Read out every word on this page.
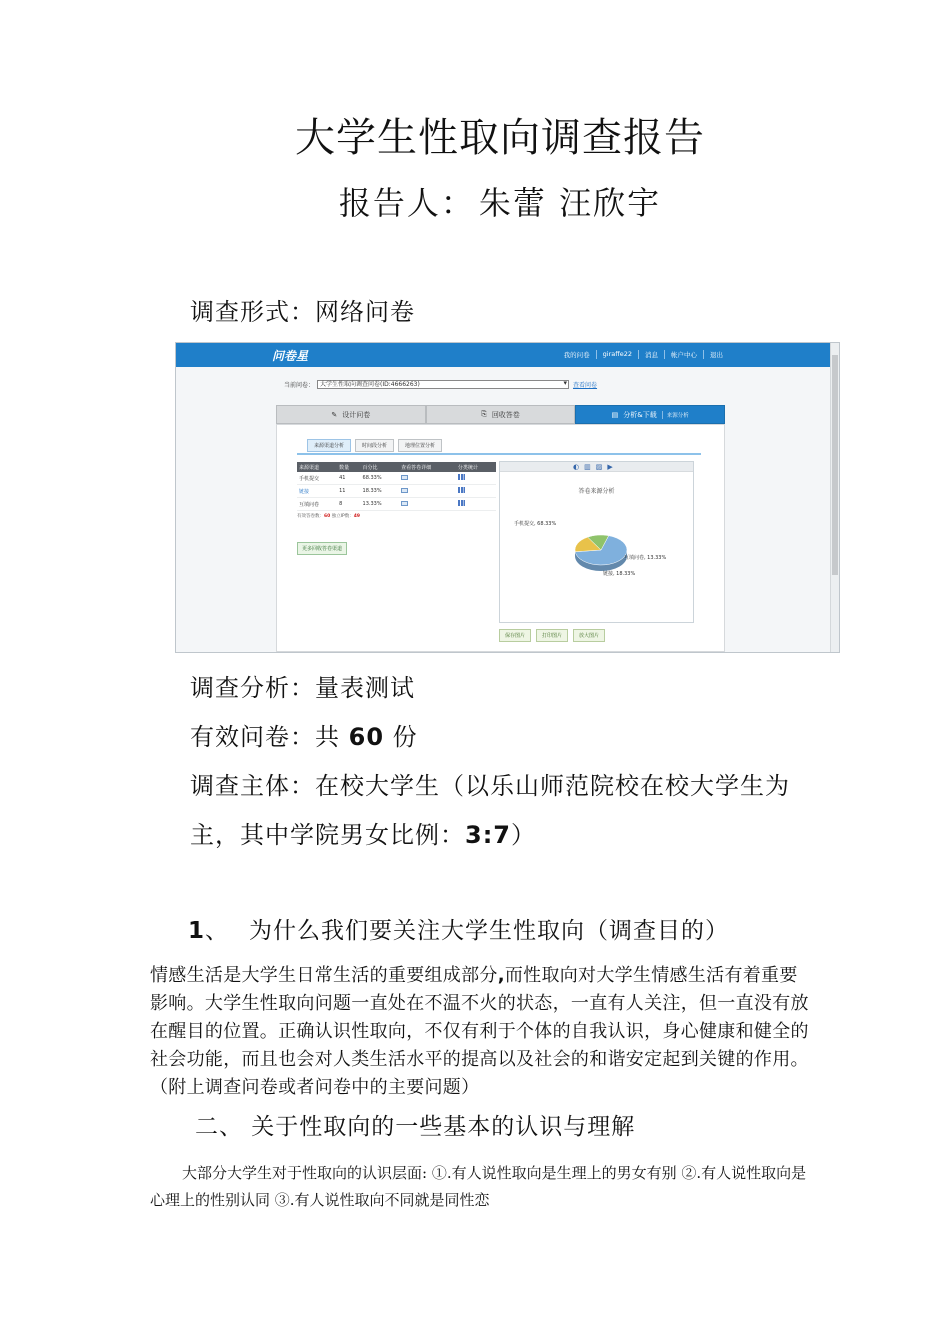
大学生性取向调查报告
报告人： 朱蕾 汪欣宇
调查形式：网络问卷
问卷星	我的问卷	giraffe22	消息	帐户中心	退出
当前问卷：	大学生性取向调查问卷(ID:4666263) ▾	查看问卷
✎ 设计问卷	⎘ 回收答卷	▤ 分析&下载	来源分析
来源渠道分析	时间段分析	地理位置分析
来源渠道	数量	百分比	查看答卷详细	分类统计
手机提交	41	68.33%		
链接	11	18.33%		
互填问卷	8	13.33%		
有效答卷数：60 独立IP数：49
更多回收答卷渠道
◐ ▥ ▨ ▶
答卷来源分析
手机提交, 68.33%
互填问卷, 13.33%
链接, 18.33%
保存图片	打印图片	放大图片
调查分析：量表测试
有效问卷：共 60 份
调查主体：在校大学生（以乐山师范院校在校大学生为
主，其中学院男女比例：3:7）
1、 为什么我们要关注大学生性取向（调查目的）
情感生活是大学生日常生活的重要组成部分,而性取向对大学生情感生活有着重要影响。大学生性取向问题一直处在不温不火的状态，一直有人关注，但一直没有放在醒目的位置。正确认识性取向，不仅有利于个体的自我认识，身心健康和健全的社会功能，而且也会对人类生活水平的提高以及社会的和谐安定起到关键的作用。（附上调查问卷或者问卷中的主要问题）
二、 关于性取向的一些基本的认识与理解
大部分大学生对于性取向的认识层面: ①.有人说性取向是生理上的男女有别 ②.有人说性取向是心理上的性别认同 ③.有人说性取向不同就是同性恋
